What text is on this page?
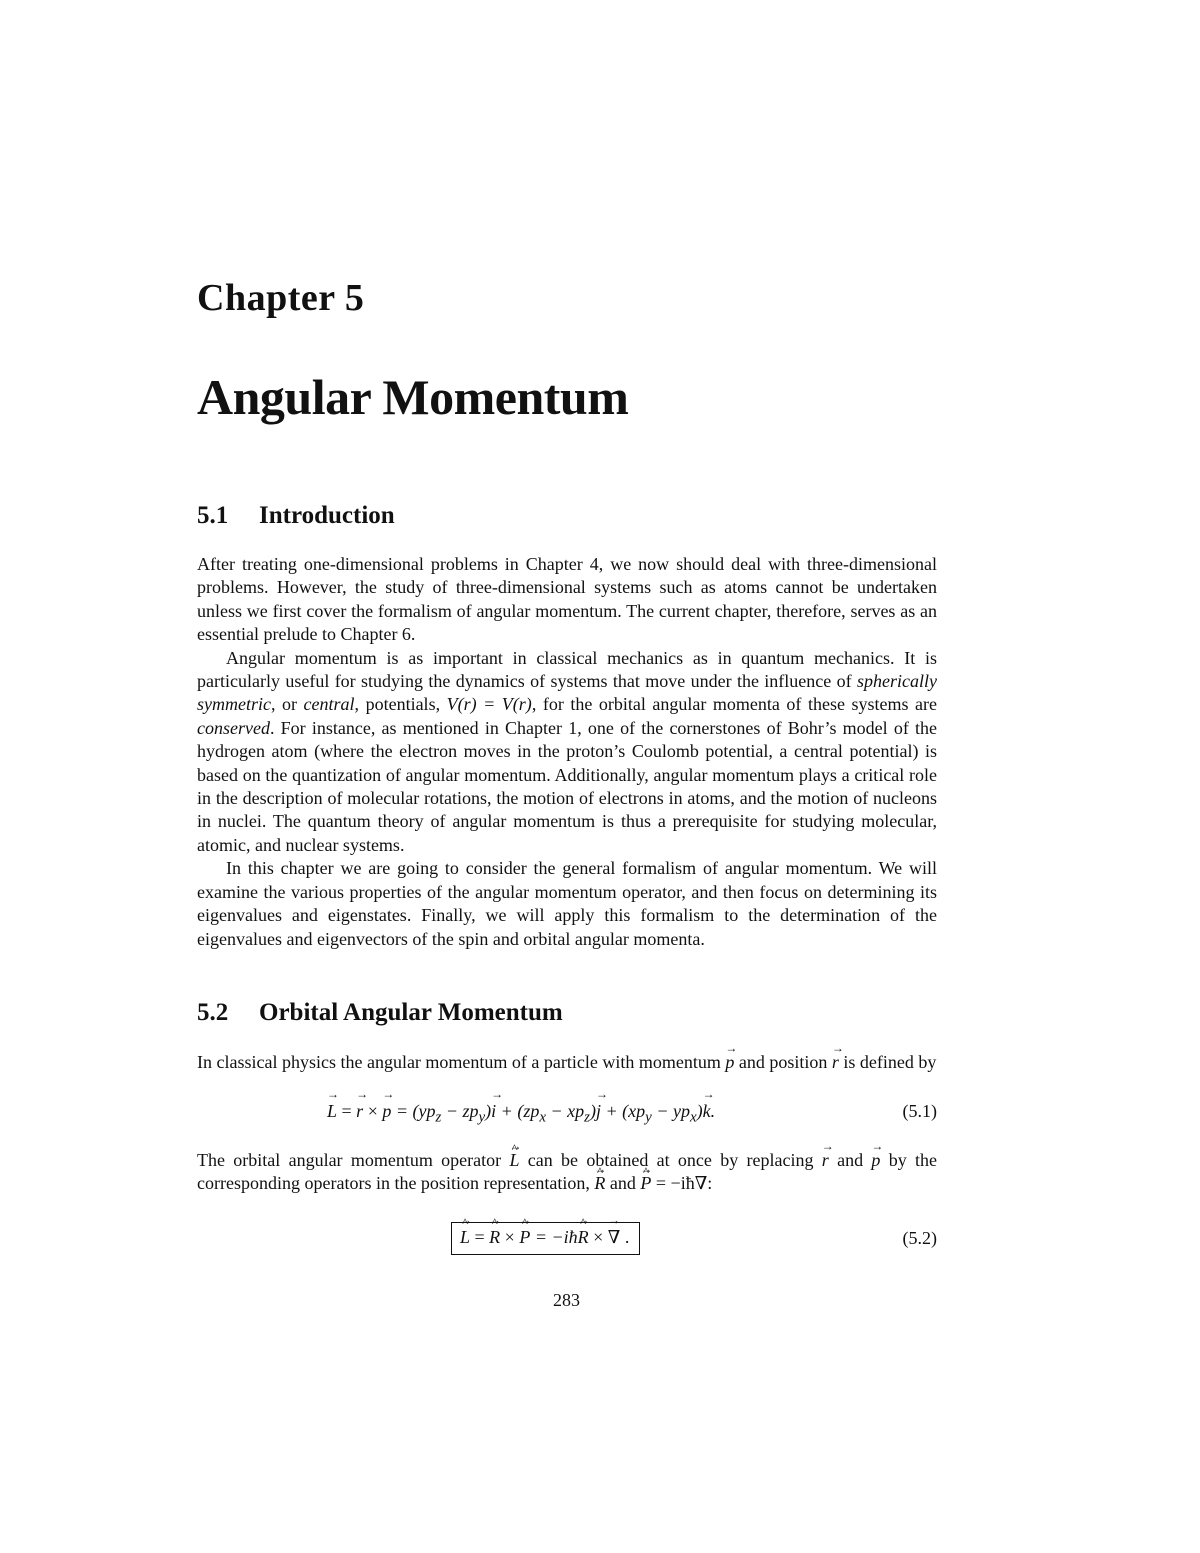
Chapter 5
Angular Momentum
5.1 Introduction

After treating one-dimensional problems in Chapter 4, we now should deal with three-dimensional problems. However, the study of three-dimensional systems such as atoms cannot be undertaken unless we first cover the formalism of angular momentum. The current chapter, therefore, serves as an essential prelude to Chapter 6.

Angular momentum is as important in classical mechanics as in quantum mechanics. It is particularly useful for studying the dynamics of systems that move under the influence of spherically symmetric, or central, potentials, V(r) = V(r), for the orbital angular momenta of these systems are conserved. For instance, as mentioned in Chapter 1, one of the cornerstones of Bohr’s model of the hydrogen atom (where the electron moves in the proton’s Coulomb potential, a central potential) is based on the quantization of angular momentum. Additionally, angular momentum plays a critical role in the description of molecular rotations, the motion of electrons in atoms, and the motion of nucleons in nuclei. The quantum theory of angular momentum is thus a prerequisite for studying molecular, atomic, and nuclear systems.

In this chapter we are going to consider the general formalism of angular momentum. We will examine the various properties of the angular momentum operator, and then focus on determining its eigenvalues and eigenstates. Finally, we will apply this formalism to the determination of the eigenvalues and eigenvectors of the spin and orbital angular momenta.

5.2 Orbital Angular Momentum

In classical physics the angular momentum of a particle with momentum → p and position → r is defined by

→ L = → r × → $p = (yp_z - zp_y)\to i + (zp_x - xp_z)\to j + (xp_y - yp_x)\to k$.	(5.1)

The orbital angular momentum operator → L ^ can be obtained at once by replacing → r and → p by the corresponding operators in the position representation, → R ^ and → P ^ = −iħ∇:

→ L ^ = → R ^ × → P ^ = −iħ→ R ^ × → ∇ .	(5.2)

283
